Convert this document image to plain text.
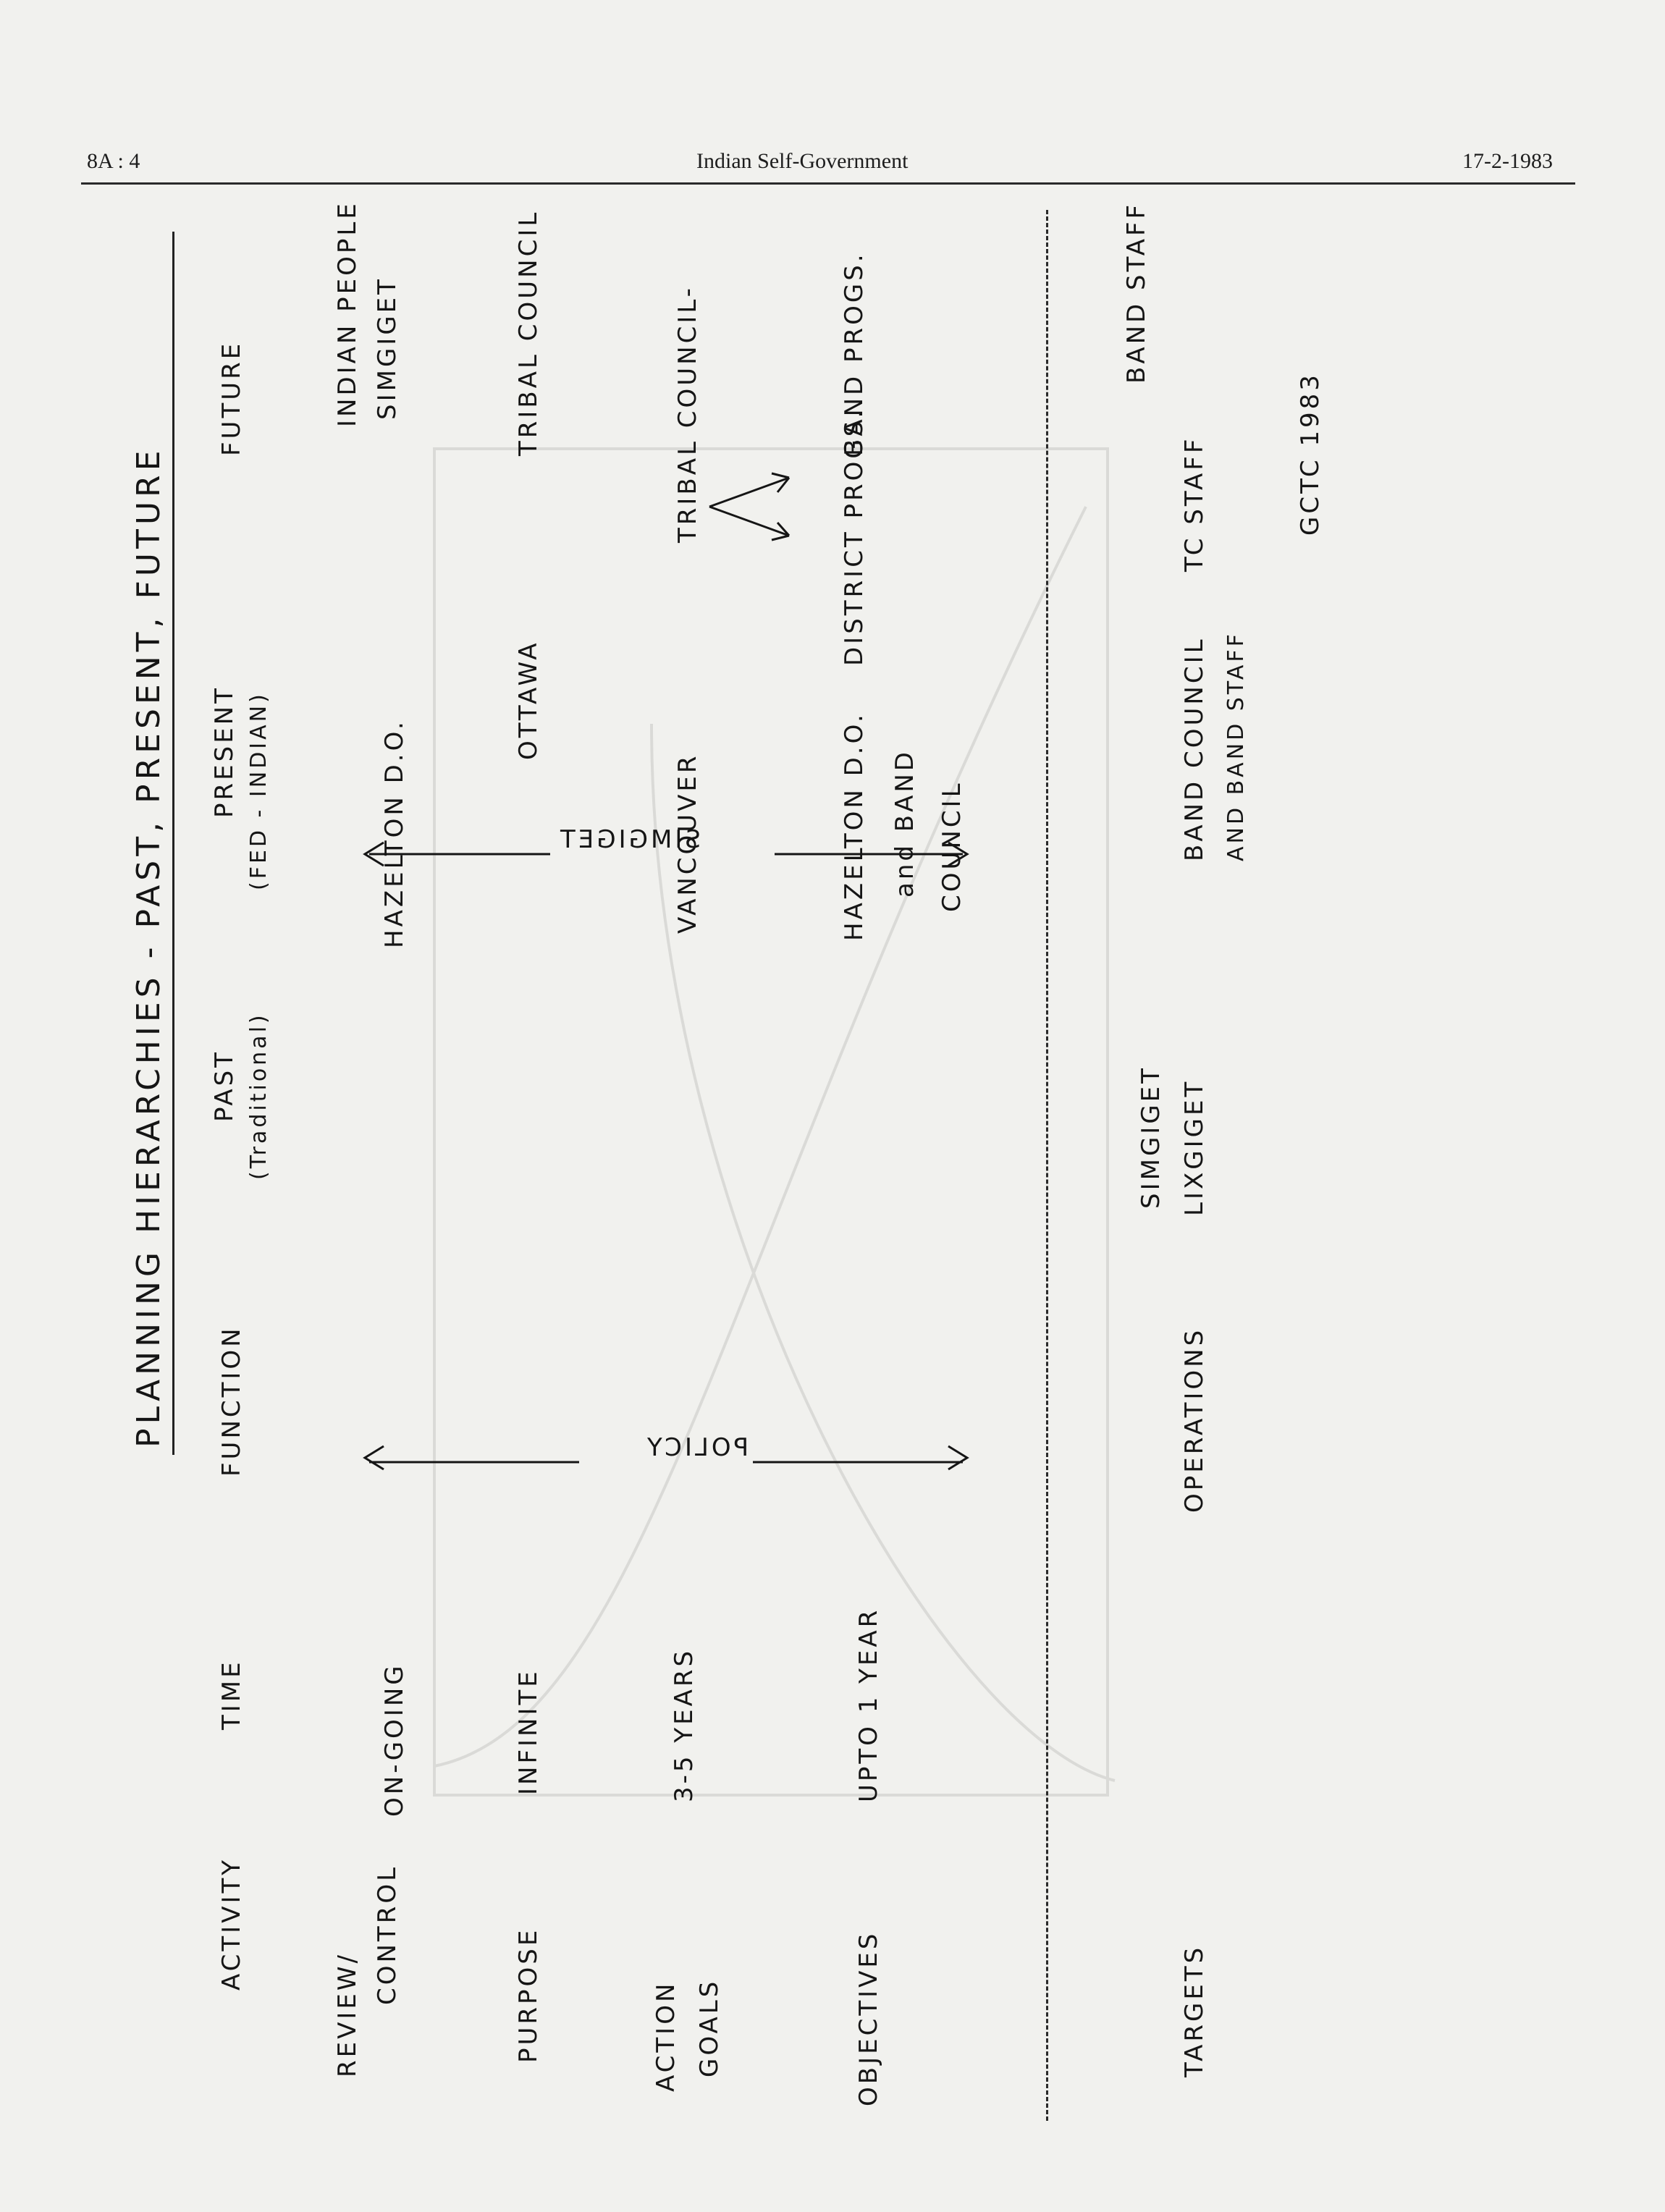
8A : 4	Indian Self-Government	17-2-1983
PLANNING HIERARCHIES - PAST, PRESENT, FUTURE
ACTIVITY
TIME
FUNCTION
PAST (Traditional)
PRESENT (FED - INDIAN)
FUTURE
REVIEW/
CONTROL
ON-GOING
HAZELTON D.O.
INDIAN PEOPLE SIMGIGET
PURPOSE
INFINITE
OTTAWA
TRIBAL COUNCIL
ACTION GOALS
3-5 YEARS
VANCOUVER
TRIBAL COUNCIL-
OBJECTIVES
UPTO 1 YEAR
HAZELTON D.O. and BAND COUNCIL
DISTRICT PROGS.
BAND PROGS.
POLICY
SIMGIGET
TARGETS
OPERATIONS
SIMGIGET LIXGIGET
BAND COUNCIL AND BAND STAFF
TC STAFF
BAND STAFF
GCTC 1983
